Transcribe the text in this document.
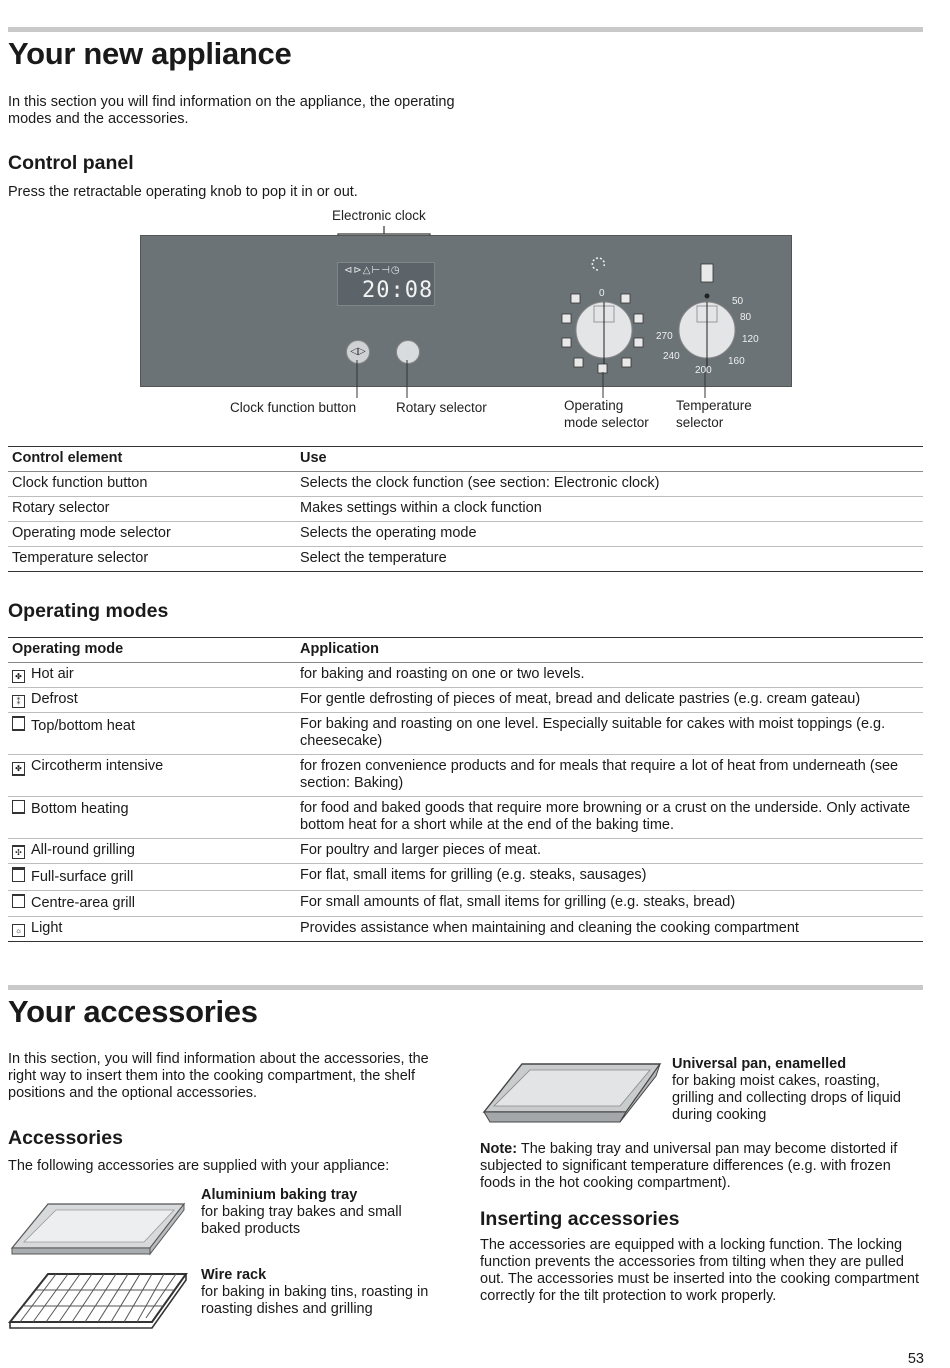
Your new appliance

In this section you will find information on the appliance, the operating modes and the accessories.

Control panel

Press the retractable operating knob to pop it in or out.

Electronic clock
⊲⊳△⊢⊣◷
20:08
◁▷
0
50
80
120
160
200
240
270
Clock function button	Rotary selector	Operating
mode selector
Temperature
selector
Control element	Use
Clock function button	Selects the clock function (see section: Electronic clock)
Rotary selector	Makes settings within a clock function
Operating mode selector	Selects the operating mode
Temperature selector	Select the temperature
Operating modes
Operating mode	Application
✤ Hot air	for baking and roasting on one or two levels.
⁑ Defrost	For gentle defrosting of pieces of meat, bread and delicate pastries (e.g. cream gateau)
Top/bottom heat	For baking and roasting on one level. Especially suitable for cakes with moist toppings (e.g. cheesecake)
✤ Circotherm intensive	for frozen convenience products and for meals that require a lot of heat from underneath (see section: Baking)
Bottom heating	for food and baked goods that require more browning or a crust on the underside. Only activate bottom heat for a short while at the end of the baking time.
✣ All-round grilling	For poultry and larger pieces of meat.
Full-surface grill	For flat, small items for grilling (e.g. steaks, sausages)
Centre-area grill	For small amounts of flat, small items for grilling (e.g. steaks, bread)
☼ Light	Provides assistance when maintaining and cleaning the cooking compartment
Your accessories

In this section, you will find information about the accessories, the right way to insert them into the cooking compartment, the shelf positions and the optional accessories.

Accessories

The following accessories are supplied with your appliance:

Aluminium baking tray

for baking tray bakes and small baked products

Wire rack

for baking in baking tins, roasting in roasting dishes and grilling

Universal pan, enamelled

for baking moist cakes, roasting, grilling and collecting drops of liquid during cooking

Note: The baking tray and universal pan may become distorted if subjected to significant temperature differences (e.g. with frozen foods in the hot cooking compartment).

Inserting accessories

The accessories are equipped with a locking function. The locking function prevents the accessories from tilting when they are pulled out. The accessories must be inserted into the cooking compartment correctly for the tilt protection to work properly.

53
